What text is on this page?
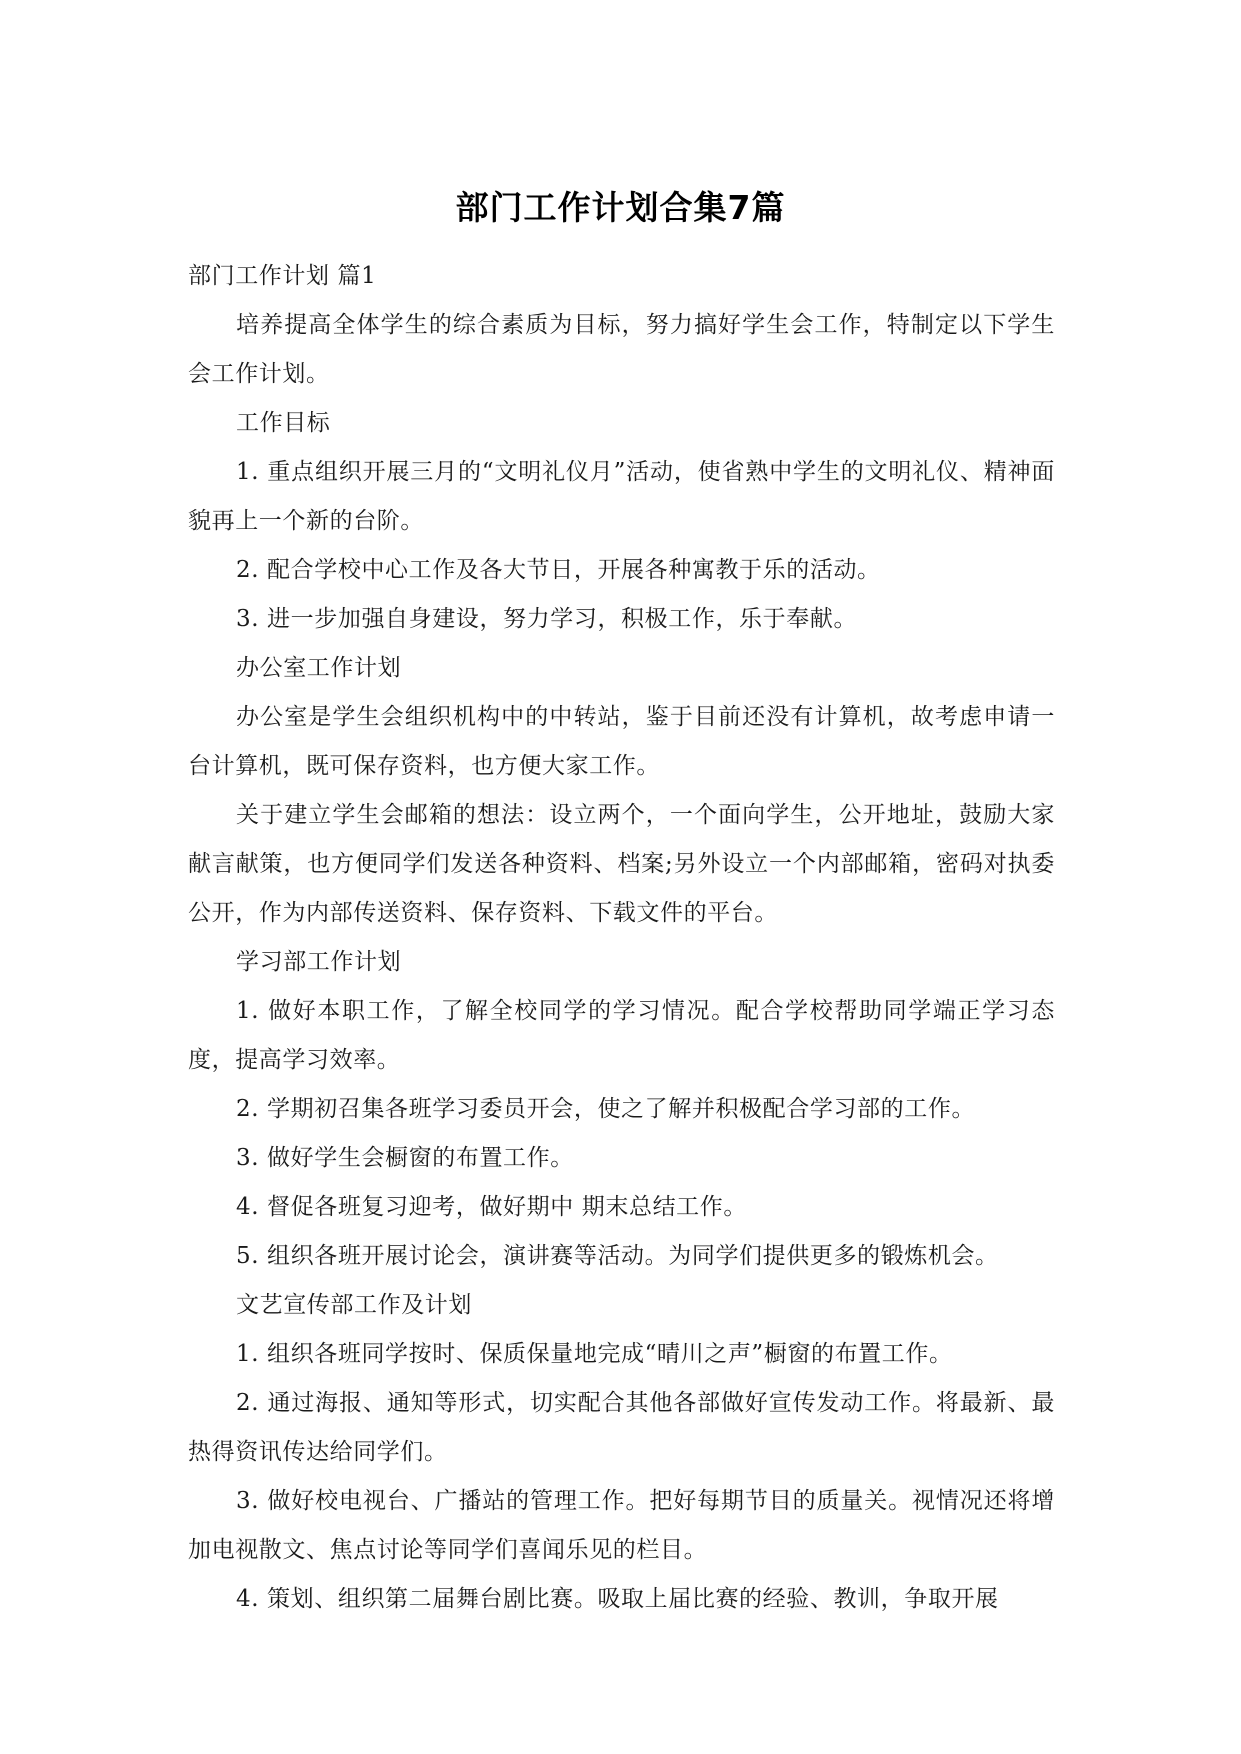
部门工作计划合集7篇

部门工作计划 篇1

培养提高全体学生的综合素质为目标，努力搞好学生会工作，特制定以下学生会工作计划。

工作目标

1. 重点组织开展三月的“文明礼仪月”活动，使省熟中学生的文明礼仪、精神面貌再上一个新的台阶。

2. 配合学校中心工作及各大节日，开展各种寓教于乐的活动。

3. 进一步加强自身建设，努力学习，积极工作，乐于奉献。

办公室工作计划

办公室是学生会组织机构中的中转站，鉴于目前还没有计算机，故考虑申请一台计算机，既可保存资料，也方便大家工作。

关于建立学生会邮箱的想法：设立两个，一个面向学生，公开地址，鼓励大家献言献策，也方便同学们发送各种资料、档案;另外设立一个内部邮箱，密码对执委公开，作为内部传送资料、保存资料、下载文件的平台。

学习部工作计划

1. 做好本职工作，了解全校同学的学习情况。配合学校帮助同学端正学习态度，提高学习效率。

2. 学期初召集各班学习委员开会，使之了解并积极配合学习部的工作。

3. 做好学生会橱窗的布置工作。

4. 督促各班复习迎考，做好期中 期末总结工作。

5. 组织各班开展讨论会，演讲赛等活动。为同学们提供更多的锻炼机会。

文艺宣传部工作及计划

1. 组织各班同学按时、保质保量地完成“晴川之声”橱窗的布置工作。

2. 通过海报、通知等形式，切实配合其他各部做好宣传发动工作。将最新、最热得资讯传达给同学们。

3. 做好校电视台、广播站的管理工作。把好每期节目的质量关。视情况还将增加电视散文、焦点讨论等同学们喜闻乐见的栏目。

4. 策划、组织第二届舞台剧比赛。吸取上届比赛的经验、教训，争取开展
